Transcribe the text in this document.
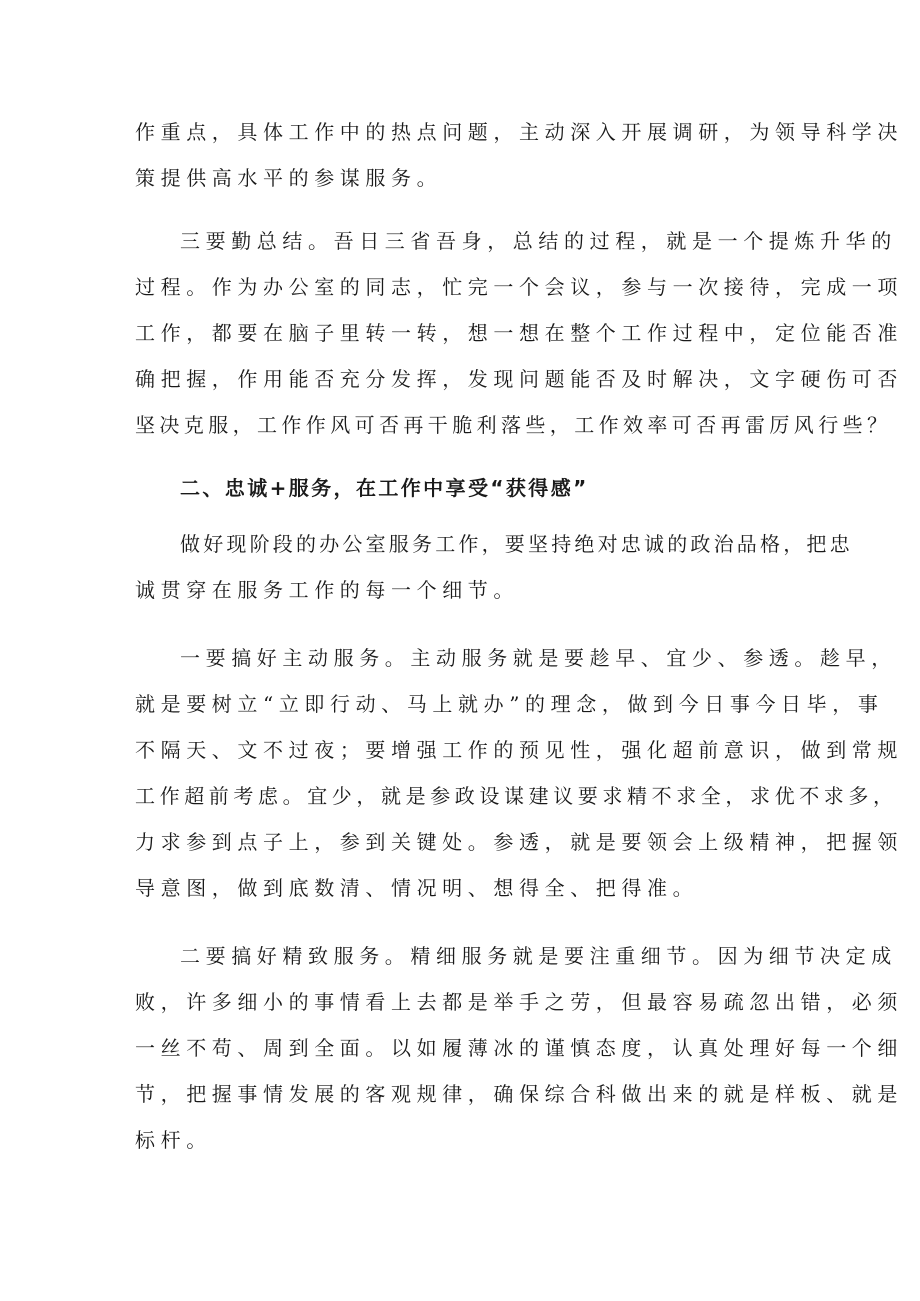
作重点，具体工作中的热点问题，主动深入开展调研，为领导科学决
策提供高水平的参谋服务。
三要勤总结。吾日三省吾身，总结的过程，就是一个提炼升华的
过程。作为办公室的同志，忙完一个会议，参与一次接待，完成一项
工作，都要在脑子里转一转，想一想在整个工作过程中，定位能否准
确把握，作用能否充分发挥，发现问题能否及时解决，文字硬伤可否
坚决克服，工作作风可否再干脆利落些，工作效率可否再雷厉风行些？
二、忠诚+服务，在工作中享受“获得感”
做好现阶段的办公室服务工作，要坚持绝对忠诚的政治品格，把忠
诚贯穿在服务工作的每一个细节。
一要搞好主动服务。主动服务就是要趁早、宜少、参透。趁早，
就是要树立“立即行动、马上就办”的理念，做到今日事今日毕，事
不隔天、文不过夜；要增强工作的预见性，强化超前意识，做到常规
工作超前考虑。宜少，就是参政设谋建议要求精不求全，求优不求多，
力求参到点子上，参到关键处。参透，就是要领会上级精神，把握领
导意图，做到底数清、情况明、想得全、把得准。
二要搞好精致服务。精细服务就是要注重细节。因为细节决定成
败，许多细小的事情看上去都是举手之劳，但最容易疏忽出错，必须
一丝不苟、周到全面。以如履薄冰的谨慎态度，认真处理好每一个细
节，把握事情发展的客观规律，确保综合科做出来的就是样板、就是
标杆。
